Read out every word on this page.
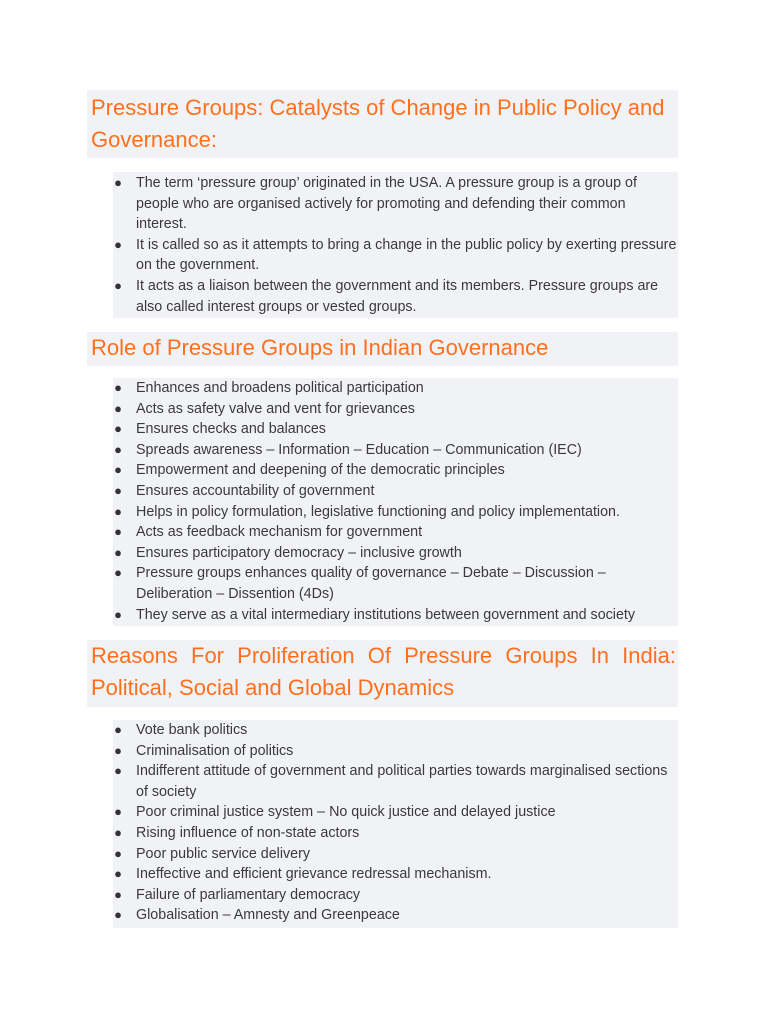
Pressure Groups: Catalysts of Change in Public Policy and Governance:
● The term ‘pressure group’ originated in the USA. A pressure group is a group of people who are organised actively for promoting and defending their common interest.
● It is called so as it attempts to bring a change in the public policy by exerting pressure on the government.
● It acts as a liaison between the government and its members. Pressure groups are also called interest groups or vested groups.
Role of Pressure Groups in Indian Governance
● Enhances and broadens political participation
● Acts as safety valve and vent for grievances
● Ensures checks and balances
● Spreads awareness – Information – Education – Communication (IEC)
● Empowerment and deepening of the democratic principles
● Ensures accountability of government
● Helps in policy formulation, legislative functioning and policy implementation.
● Acts as feedback mechanism for government
● Ensures participatory democracy – inclusive growth
● Pressure groups enhances quality of governance – Debate – Discussion – Deliberation – Dissention (4Ds)
● They serve as a vital intermediary institutions between government and society
Reasons For Proliferation Of Pressure Groups In India: Political, Social and Global Dynamics
● Vote bank politics
● Criminalisation of politics
● Indifferent attitude of government and political parties towards marginalised sections of society
● Poor criminal justice system – No quick justice and delayed justice
● Rising influence of non-state actors
● Poor public service delivery
● Ineffective and efficient grievance redressal mechanism.
● Failure of parliamentary democracy
● Globalisation – Amnesty and Greenpeace
